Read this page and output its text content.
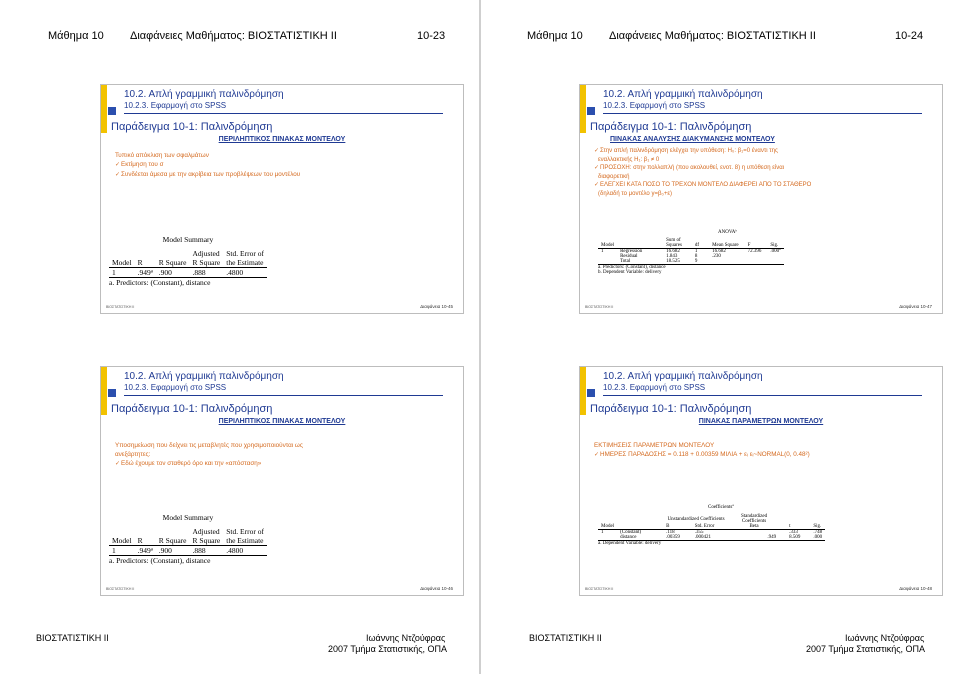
Μάθημα 10 Διαφάνειες Μαθήματος: ΒΙΟΣΤΑΤΙΣΤΙΚΗ ΙΙ	10-23	Μάθημα 10 Διαφάνειες Μαθήματος: ΒΙΟΣΤΑΤΙΣΤΙΚΗ ΙΙ	10-24
10.2. Απλή γραμμική παλινδρόμηση
10.2.3. Εφαρμογή στο SPSS
Παράδειγμα 10-1: Παλινδρόμηση
ΠΕΡΙΛΗΠΤΙΚΟΣ ΠΙΝΑΚΑΣ ΜΟΝΤΕΛΟΥ
Τυπικό απόκλιση των σφαλμάτων
✓Εκτίμηση του σ
✓Συνδέεται άμεσα με την ακρίβεια των προβλέψεων του μοντέλου
Model Summary
			Adjusted	Std. Error of
Model	R	R Square	R Square	the Estimate
1	.949ª	.900	.888	.4800
a. Predictors: (Constant), distance
ΒΙΟΣΤΑΤΙΣΤΙΚΗ ΙΙ	Διαφάνεια 10-45
10.2. Απλή γραμμική παλινδρόμηση
10.2.3. Εφαρμογή στο SPSS
Παράδειγμα 10-1: Παλινδρόμηση
ΠΙΝΑΚΑΣ ΑΝΑΛΥΣΗΣ ΔΙΑΚΥΜΑΝΣΗΣ ΜΟΝΤΕΛΟΥ
✓Στην απλή παλινδρόμηση ελέγχει την υπόθεση: H₀: β₁=0 έναντι της
εναλλακτικής H₁: β₁ ≠ 0
✓ΠΡΟΣΟΧΗ: στην πολλαπλή (που ακολουθεί, ενοτ. 8) η υπόθεση είναι
διαφορετική
✓ΕΛΕΓΧΕΙ ΚΑΤΑ ΠΟΣΟ ΤΟ ΤΡΕΧΟΝ ΜΟΝΤΕΛΟ ΔΙΑΦΕΡΕΙ ΑΠΟ ΤΟ ΣΤΑΘΕΡΟ
(δηλαδή το μοντέλο y=β₀+ε)
ANOVAᵇ
		Sum of				
Model		Squares	df	Mean Square	F	Sig.
1	Regression	16.682	1	16.682	72.396	.000ª
	Residual	1.843	8	.230		
	Total	18.525	9			
a. Predictors: (Constant), distance
b. Dependent Variable: delivery
ΒΙΟΣΤΑΤΙΣΤΙΚΗ ΙΙ	Διαφάνεια 10-47
10.2. Απλή γραμμική παλινδρόμηση
10.2.3. Εφαρμογή στο SPSS
Παράδειγμα 10-1: Παλινδρόμηση
ΠΕΡΙΛΗΠΤΙΚΟΣ ΠΙΝΑΚΑΣ ΜΟΝΤΕΛΟΥ
Υποσημείωση που δείχνει τις μεταβλητές που χρησιμοποιούνται ως
ανεξάρτητες:
✓Εδώ έχουμε τον σταθερό όρο και την «απόσταση»
Model Summary
			Adjusted	Std. Error of
Model	R	R Square	R Square	the Estimate
1	.949ª	.900	.888	.4800
a. Predictors: (Constant), distance
ΒΙΟΣΤΑΤΙΣΤΙΚΗ ΙΙ	Διαφάνεια 10-46
10.2. Απλή γραμμική παλινδρόμηση
10.2.3. Εφαρμογή στο SPSS
Παράδειγμα 10-1: Παλινδρόμηση
ΠΙΝΑΚΑΣ ΠΑΡΑΜΕΤΡΩΝ ΜΟΝΤΕΛΟΥ
ΕΚΤΙΜΗΣΕΙΣ ΠΑΡΑΜΕΤΡΩΝ ΜΟΝΤΕΛΟΥ
✓ΗΜΕΡΕΣ ΠΑΡΑΔΟΣΗΣ = 0.118 + 0.00359 ΜΙΛΙΑ + εᵢ εᵢ~NORMAL(0, 0.48²)
Coefficientsª
		Unstandardized Coefficients		Standardized Coefficients		
Model		B	Std. Error	Beta	t	Sig.
1	(Constant)	.118	.355		.333	.748
	distance	.00359	.000421	.949	8.509	.000
a. Dependent Variable: delivery
ΒΙΟΣΤΑΤΙΣΤΙΚΗ ΙΙ	Διαφάνεια 10-48
ΒΙΟΣΤΑΤΙΣΤΙΚΗ ΙΙ	Ιωάννης Ντζούφρας
2007 Τμήμα Στατιστικής, ΟΠΑ
ΒΙΟΣΤΑΤΙΣΤΙΚΗ ΙΙ	Ιωάννης Ντζούφρας
2007 Τμήμα Στατιστικής, ΟΠΑ
